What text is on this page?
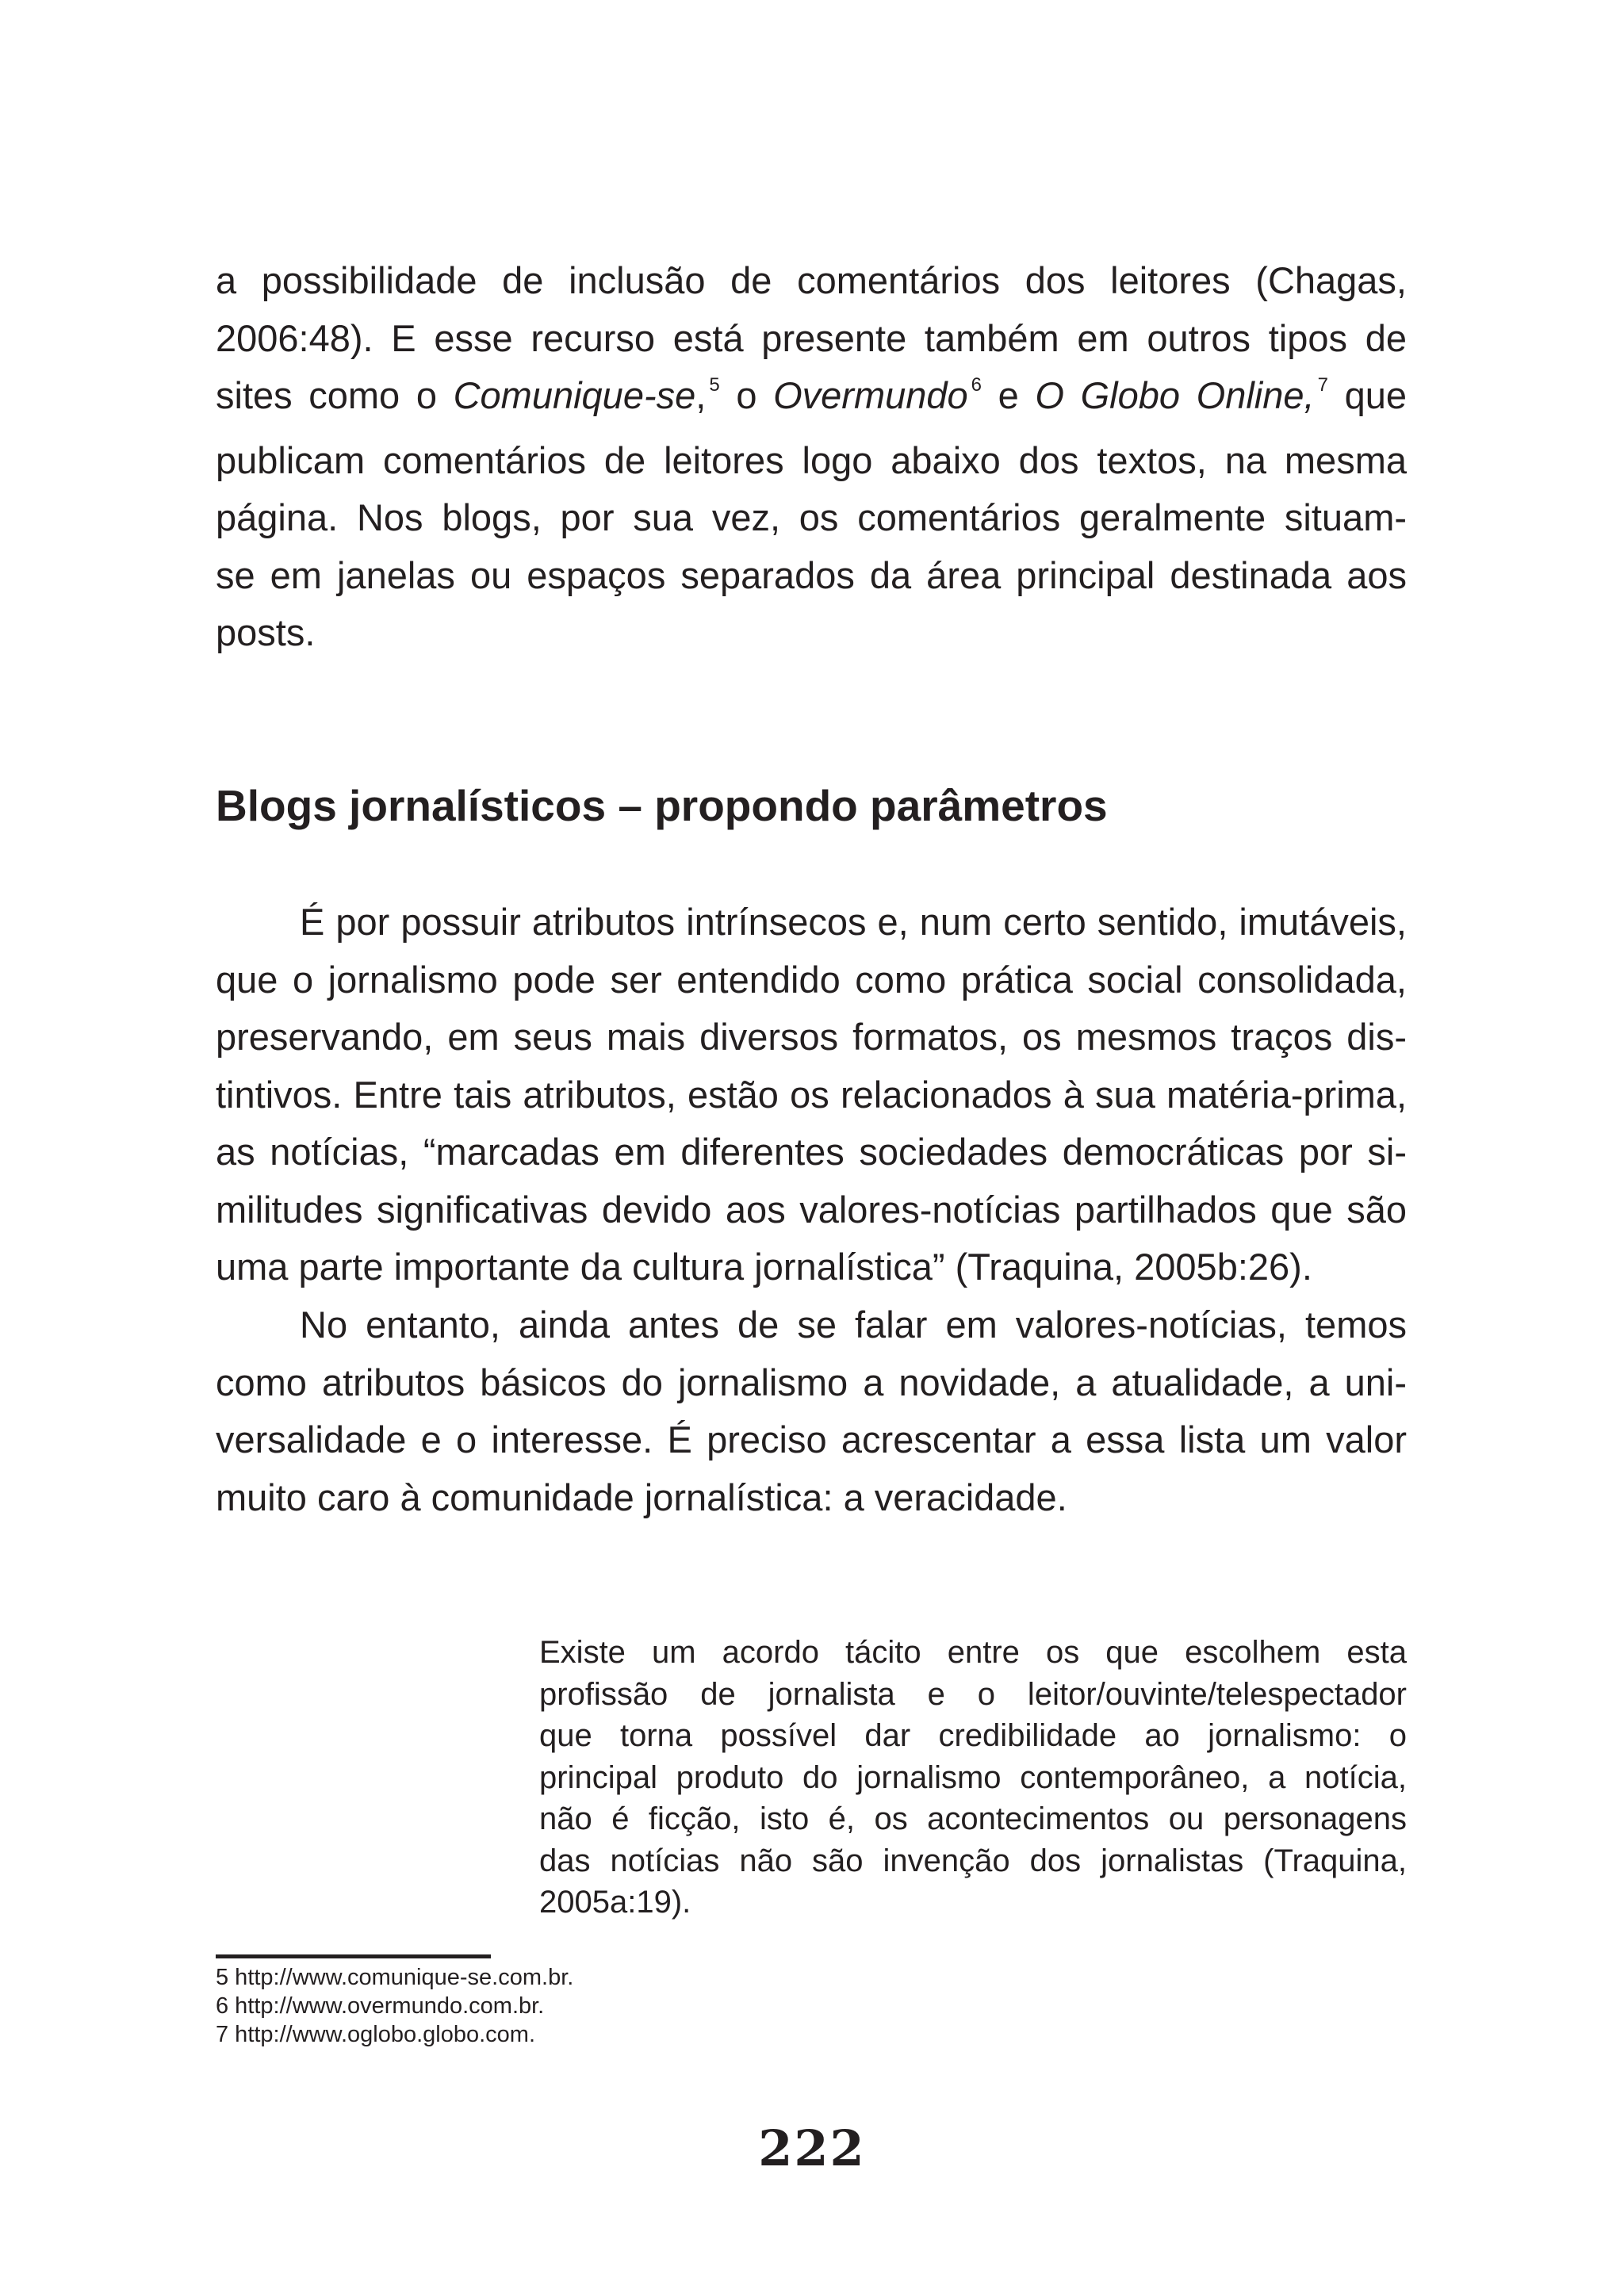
a possibilidade de inclusão de comentários dos leitores (Chagas,
2006:48). E esse recurso está presente também em outros tipos de
sites como o Comunique-se, $^5$ o Overmundo $^6$ e O Globo Online, $^7$ que
publicam comentários de leitores logo abaixo dos textos, na mesma
página. Nos blogs, por sua vez, os comentários geralmente situam-
se em janelas ou espaços separados da área principal destinada aos
posts.
Blogs jornalísticos – propondo parâmetros
É por possuir atributos intrínsecos e, num certo sentido, imutáveis,
que o jornalismo pode ser entendido como prática social consolidada,
preservando, em seus mais diversos formatos, os mesmos traços dis-
tintivos. Entre tais atributos, estão os relacionados à sua matéria-prima,
as notícias, “marcadas em diferentes sociedades democráticas por si-
militudes significativas devido aos valores-notícias partilhados que são
uma parte importante da cultura jornalística” (Traquina, 2005b:26).
No entanto, ainda antes de se falar em valores-notícias, temos
como atributos básicos do jornalismo a novidade, a atualidade, a uni-
versalidade e o interesse. É preciso acrescentar a essa lista um valor
muito caro à comunidade jornalística: a veracidade.
Existe um acordo tácito entre os que escolhem esta
profissão de jornalista e o leitor/ouvinte/telespectador
que torna possível dar credibilidade ao jornalismo: o
principal produto do jornalismo contemporâneo, a notícia,
não é ficção, isto é, os acontecimentos ou personagens
das notícias não são invenção dos jornalistas (Traquina,
2005a:19).
5 http://www.comunique-se.com.br.
6 http://www.overmundo.com.br.
7 http://www.oglobo.globo.com.
222
